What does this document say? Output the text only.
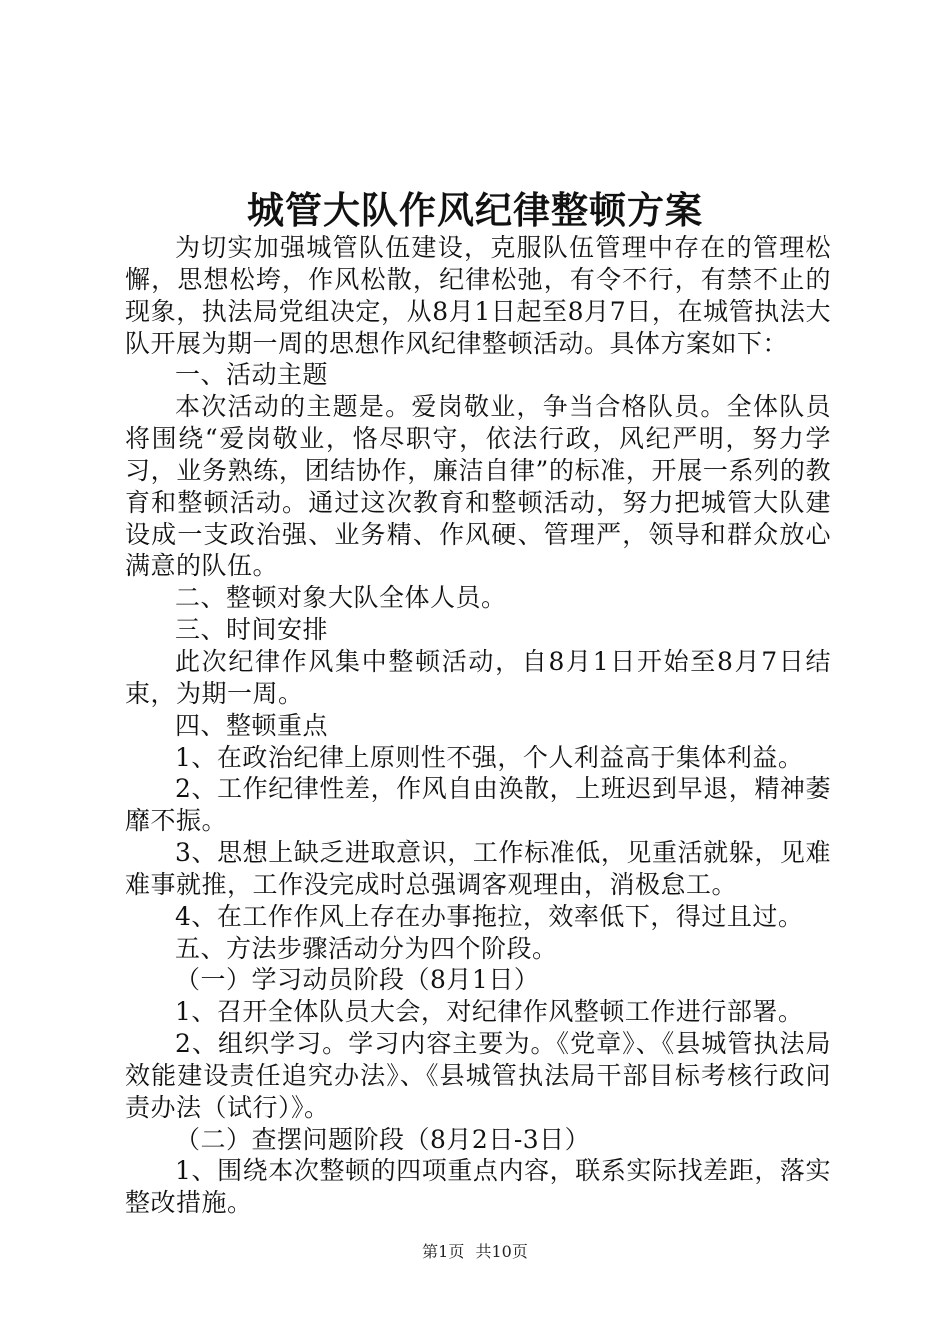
城管大队作风纪律整顿方案

为切实加强城管队伍建设，克服队伍管理中存在的管理松懈，思想松垮，作风松散，纪律松弛，有令不行，有禁不止的现象，执法局党组决定，从8月1日起至8月7日，在城管执法大队开展为期一周的思想作风纪律整顿活动。具体方案如下：

一、活动主题

本次活动的主题是。爱岗敬业，争当合格队员。全体队员将围绕“爱岗敬业，恪尽职守，依法行政，风纪严明，努力学习，业务熟练，团结协作，廉洁自律”的标准，开展一系列的教育和整顿活动。通过这次教育和整顿活动，努力把城管大队建设成一支政治强、业务精、作风硬、管理严，领导和群众放心满意的队伍。

二、整顿对象大队全体人员。

三、时间安排

此次纪律作风集中整顿活动，自8月1日开始至8月7日结束，为期一周。

四、整顿重点

1、在政治纪律上原则性不强，个人利益高于集体利益。

2、工作纪律性差，作风自由涣散，上班迟到早退，精神萎靡不振。

3、思想上缺乏进取意识，工作标准低，见重活就躲，见难难事就推，工作没完成时总强调客观理由，消极怠工。

4、在工作作风上存在办事拖拉，效率低下，得过且过。

五、方法步骤活动分为四个阶段。

（一）学习动员阶段（8月1日）

1、召开全体队员大会，对纪律作风整顿工作进行部署。

2、组织学习。学习内容主要为。《党章》、《县城管执法局效能建设责任追究办法》、《县城管执法局干部目标考核行政问责办法（试行）》。

（二）查摆问题阶段（8月2日-3日）

1、围绕本次整顿的四项重点内容，联系实际找差距，落实整改措施。

第1页 共10页
